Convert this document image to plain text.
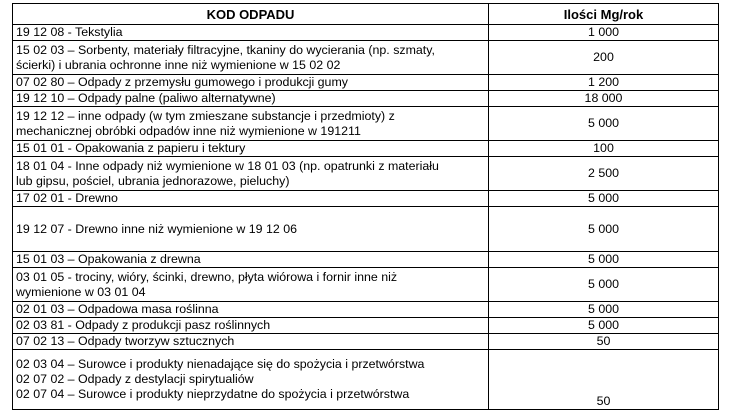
KOD ODPADU	Ilości Mg/rok

19 12 08 - Tekstylia	1 000

15 02 03 – Sorbenty, materiały filtracyjne, tkaniny do wycierania (np. szmaty,
ścierki) i ubrania ochronne inne niż wymienione w 15 02 02	200

07 02 80 – Odpady z przemysłu gumowego i produkcji gumy	1 200

19 12 10 – Odpady palne (paliwo alternatywne)	18 000

19 12 12 – inne odpady (w tym zmieszane substancje i przedmioty) z
mechanicznej obróbki odpadów inne niż wymienione w 191211	5 000

15 01 01 - Opakowania z papieru i tektury	100

18 01 04 - Inne odpady niż wymienione w 18 01 03 (np. opatrunki z materiału
lub gipsu, pościel, ubrania jednorazowe, pieluchy)	2 500

17 02 01 - Drewno	5 000

19 12 07 - Drewno inne niż wymienione w 19 12 06	5 000

15 01 03 – Opakowania z drewna	5 000

03 01 05 - trociny, wióry, ścinki, drewno, płyta wiórowa i fornir inne niż
wymienione w 03 01 04	5 000

02 01 03 – Odpadowa masa roślinna	5 000

02 03 81 - Odpady z produkcji pasz roślinnych	5 000

07 02 13 – Odpady tworzyw sztucznych	50

02 03 04 – Surowce i produkty nienadające się do spożycia i przetwórstwa
02 07 02 – Odpady z destylacji spirytualiów
02 07 04 – Surowce i produkty nieprzydatne do spożycia i przetwórstwa	50
